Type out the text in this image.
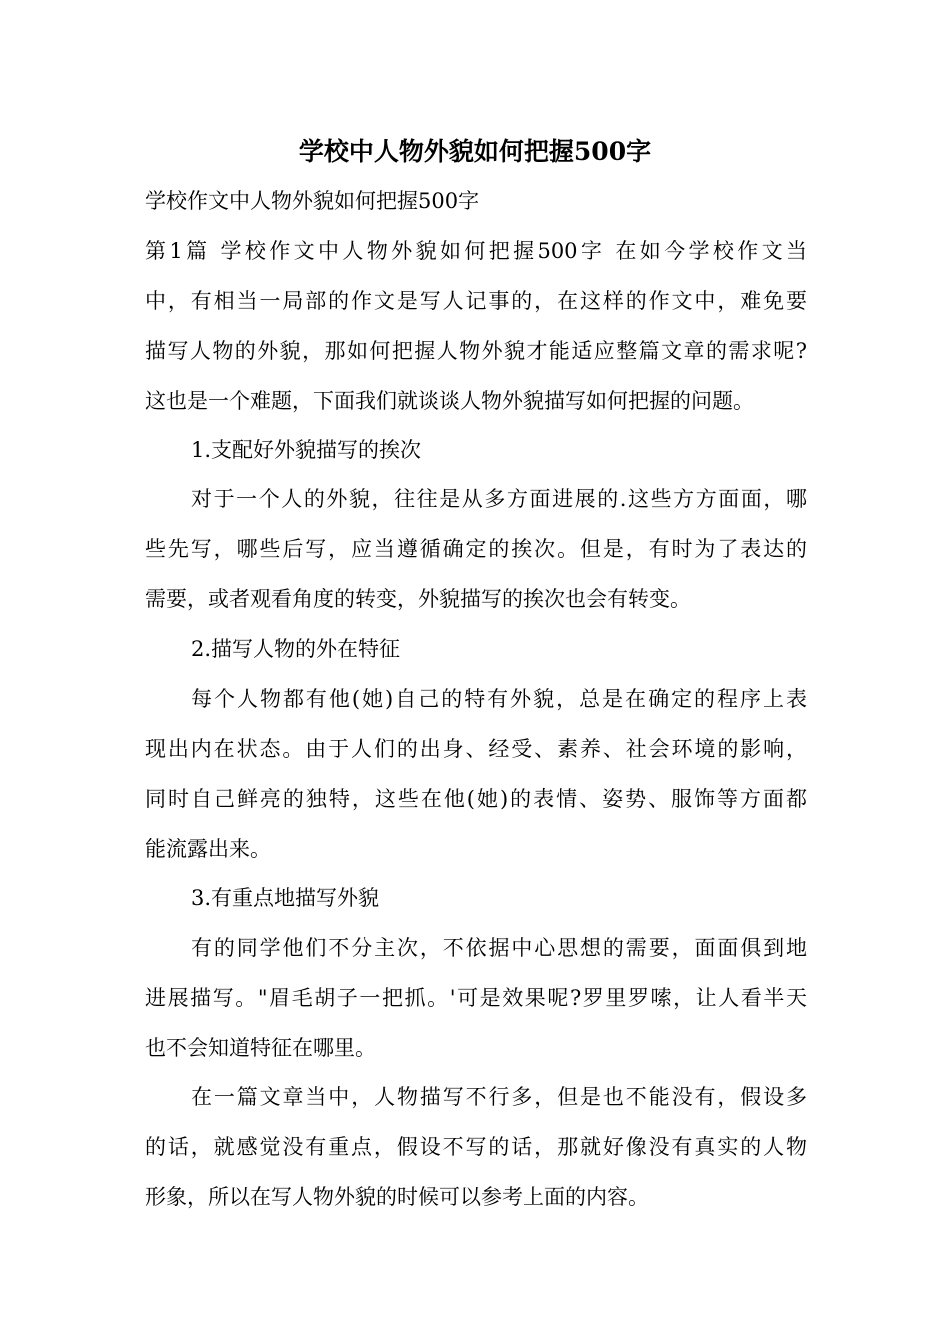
学校中人物外貌如何把握500字
学校作文中人物外貌如何把握500字
第1篇 学校作文中人物外貌如何把握500字 在如今学校作文当
中，有相当一局部的作文是写人记事的，在这样的作文中，难免要
描写人物的外貌，那如何把握人物外貌才能适应整篇文章的需求呢?
这也是一个难题，下面我们就谈谈人物外貌描写如何把握的问题。
1.支配好外貌描写的挨次
对于一个人的外貌，往往是从多方面进展的.这些方方面面，哪
些先写，哪些后写，应当遵循确定的挨次。但是，有时为了表达的
需要，或者观看角度的转变，外貌描写的挨次也会有转变。
2.描写人物的外在特征
每个人物都有他(她)自己的特有外貌，总是在确定的程序上表
现出内在状态。由于人们的出身、经受、素养、社会环境的影响，
同时自己鲜亮的独特，这些在他(她)的表情、姿势、服饰等方面都
能流露出来。
3.有重点地描写外貌
有的同学他们不分主次，不依据中心思想的需要，面面俱到地
进展描写。"眉毛胡子一把抓。'可是效果呢?罗里罗嗦，让人看半天
也不会知道特征在哪里。
在一篇文章当中，人物描写不行多，但是也不能没有，假设多
的话，就感觉没有重点，假设不写的话，那就好像没有真实的人物
形象，所以在写人物外貌的时候可以参考上面的内容。
